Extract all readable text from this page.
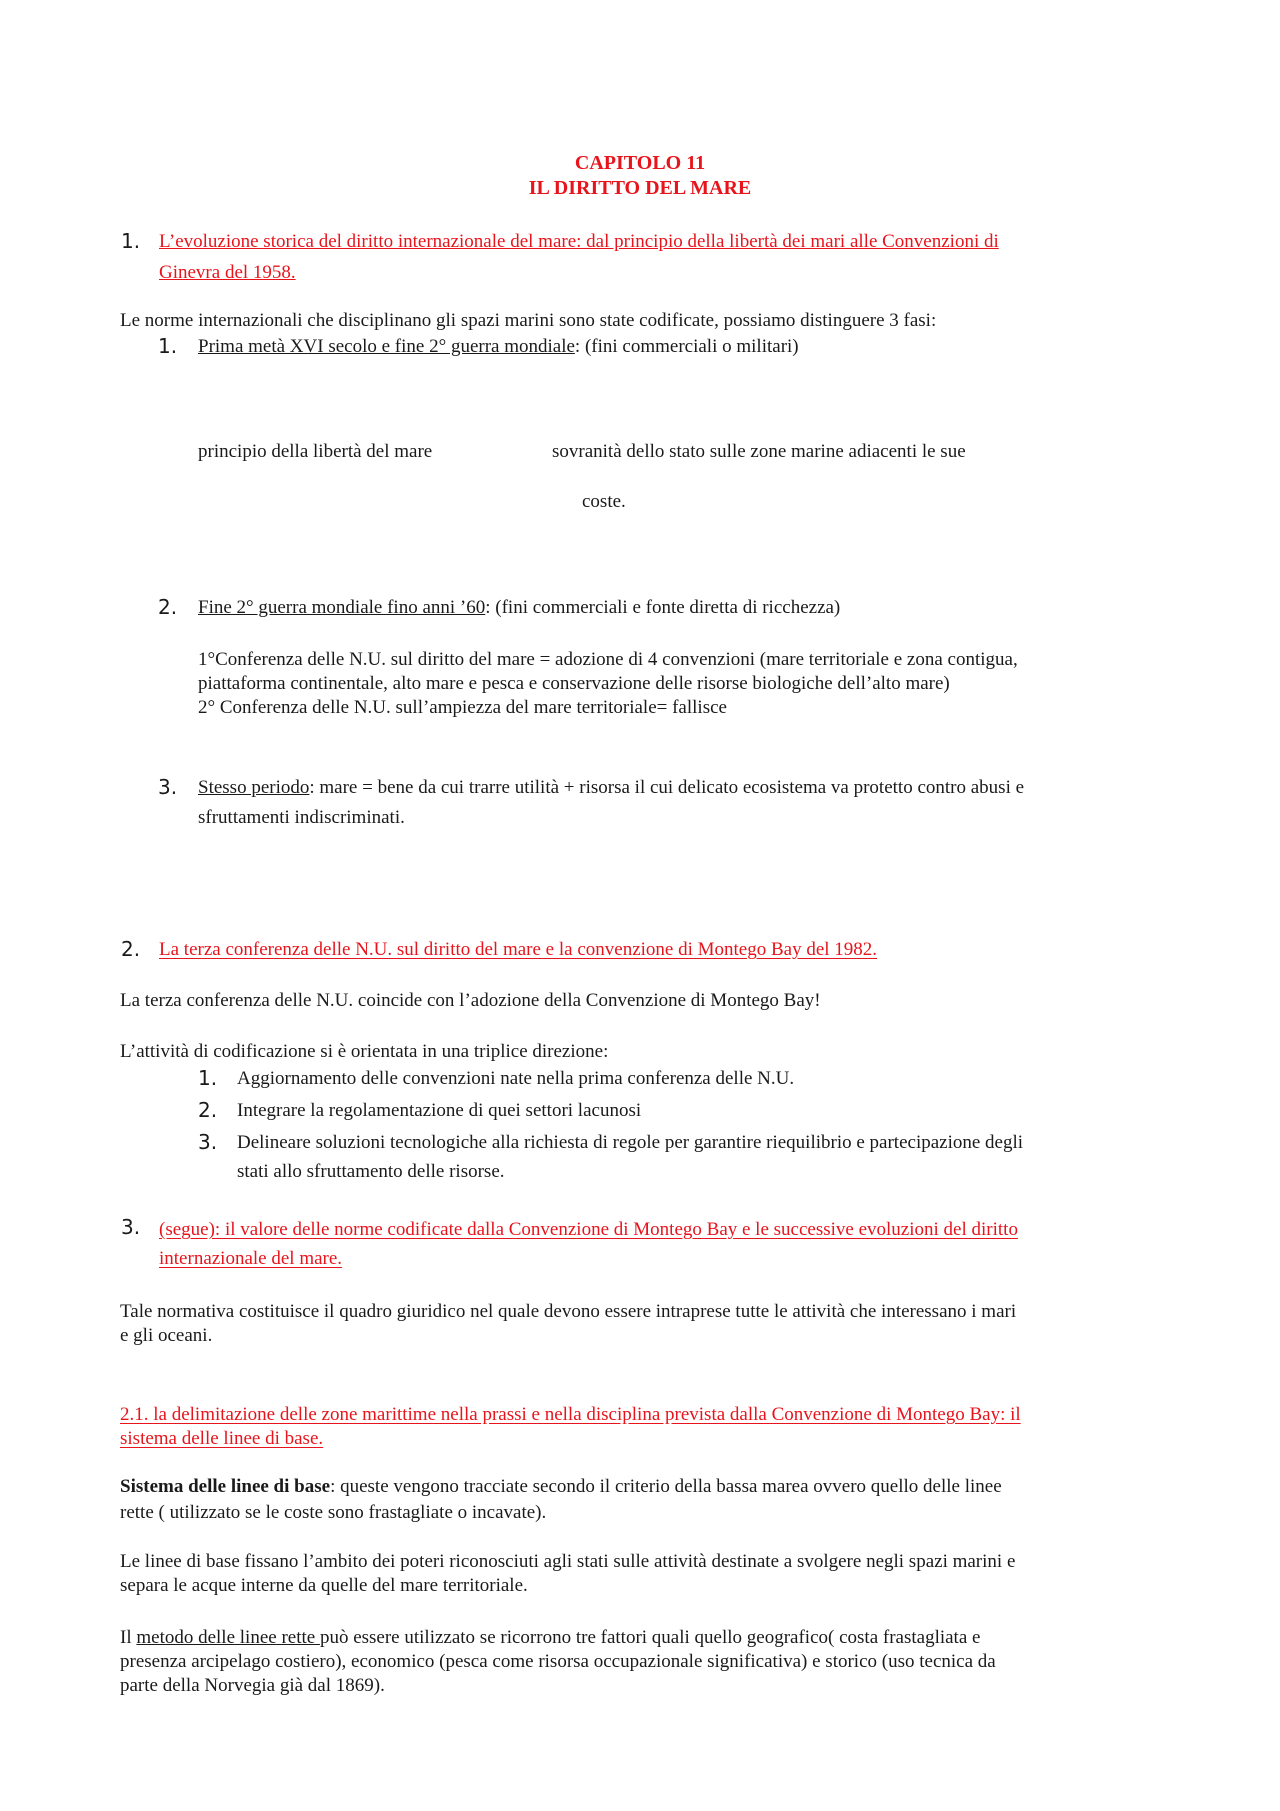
CAPITOLO 11
IL DIRITTO DEL MARE
1. L’evoluzione storica del diritto internazionale del mare: dal principio della libertà dei mari alle Convenzioni di
Ginevra del 1958.
Le norme internazionali che disciplinano gli spazi marini sono state codificate, possiamo distinguere 3 fasi:
1. Prima metà XVI secolo e fine 2° guerra mondiale: (fini commerciali o militari)
principio della libertà del mare	sovranità dello stato sulle zone marine adiacenti le sue
coste.
2. Fine 2° guerra mondiale fino anni ’60: (fini commerciali e fonte diretta di ricchezza)
1°Conferenza delle N.U. sul diritto del mare = adozione di 4 convenzioni (mare territoriale e zona contigua,
piattaforma continentale, alto mare e pesca e conservazione delle risorse biologiche dell’alto mare)
2° Conferenza delle N.U. sull’ampiezza del mare territoriale= fallisce
3. Stesso periodo: mare = bene da cui trarre utilità + risorsa il cui delicato ecosistema va protetto contro abusi e
sfruttamenti indiscriminati.
2. La terza conferenza delle N.U. sul diritto del mare e la convenzione di Montego Bay del 1982.
La terza conferenza delle N.U. coincide con l’adozione della Convenzione di Montego Bay!
L’attività di codificazione si è orientata in una triplice direzione:
1. Aggiornamento delle convenzioni nate nella prima conferenza delle N.U.
2. Integrare la regolamentazione di quei settori lacunosi
3. Delineare soluzioni tecnologiche alla richiesta di regole per garantire riequilibrio e partecipazione degli
stati allo sfruttamento delle risorse.
3. (segue): il valore delle norme codificate dalla Convenzione di Montego Bay e le successive evoluzioni del diritto
internazionale del mare.
Tale normativa costituisce il quadro giuridico nel quale devono essere intraprese tutte le attività che interessano i mari
e gli oceani.
2.1. la delimitazione delle zone marittime nella prassi e nella disciplina prevista dalla Convenzione di Montego Bay: il
sistema delle linee di base.
Sistema delle linee di base: queste vengono tracciate secondo il criterio della bassa marea ovvero quello delle linee
rette ( utilizzato se le coste sono frastagliate o incavate).
Le linee di base fissano l’ambito dei poteri riconosciuti agli stati sulle attività destinate a svolgere negli spazi marini e
separa le acque interne da quelle del mare territoriale.
Il metodo delle linee rette può essere utilizzato se ricorrono tre fattori quali quello geografico( costa frastagliata e
presenza arcipelago costiero), economico (pesca come risorsa occupazionale significativa) e storico (uso tecnica da
parte della Norvegia già dal 1869).
